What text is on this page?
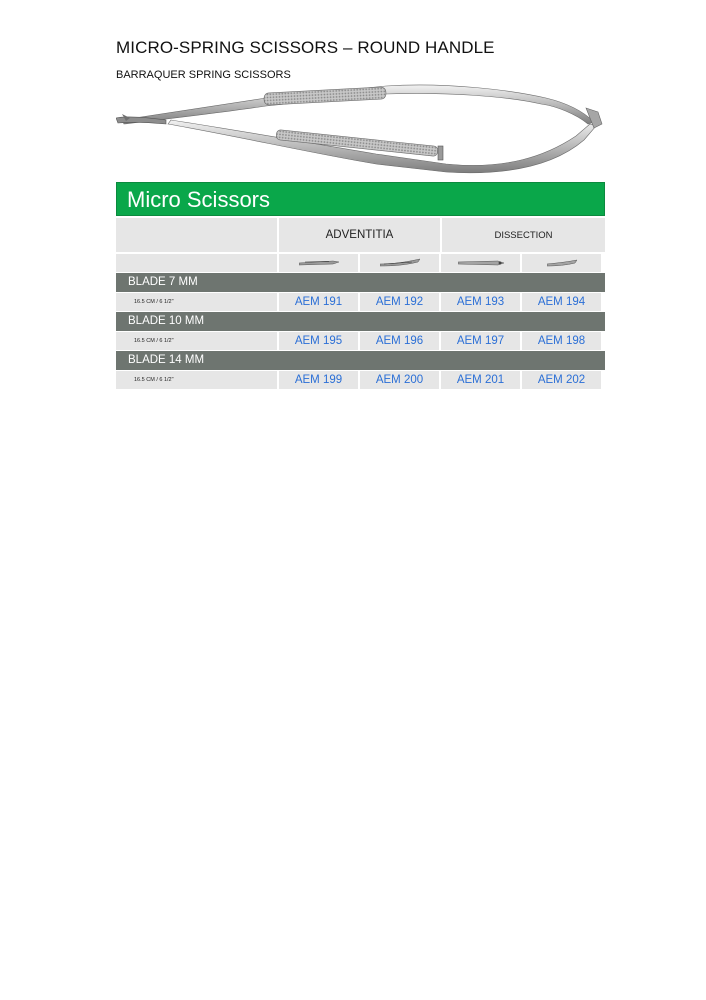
MICRO-SPRING SCISSORS – ROUND HANDLE
BARRAQUER SPRING SCISSORS
Micro Scissors
ADVENTITIA	DISSECTION
BLADE 7 MM
16.5 CM / 6 1/2"	AEM 191	AEM 192	AEM 193	AEM 194
BLADE 10 MM
16.5 CM / 6 1/2"	AEM 195	AEM 196	AEM 197	AEM 198
BLADE 14 MM
16.5 CM / 6 1/2"	AEM 199	AEM 200	AEM 201	AEM 202
